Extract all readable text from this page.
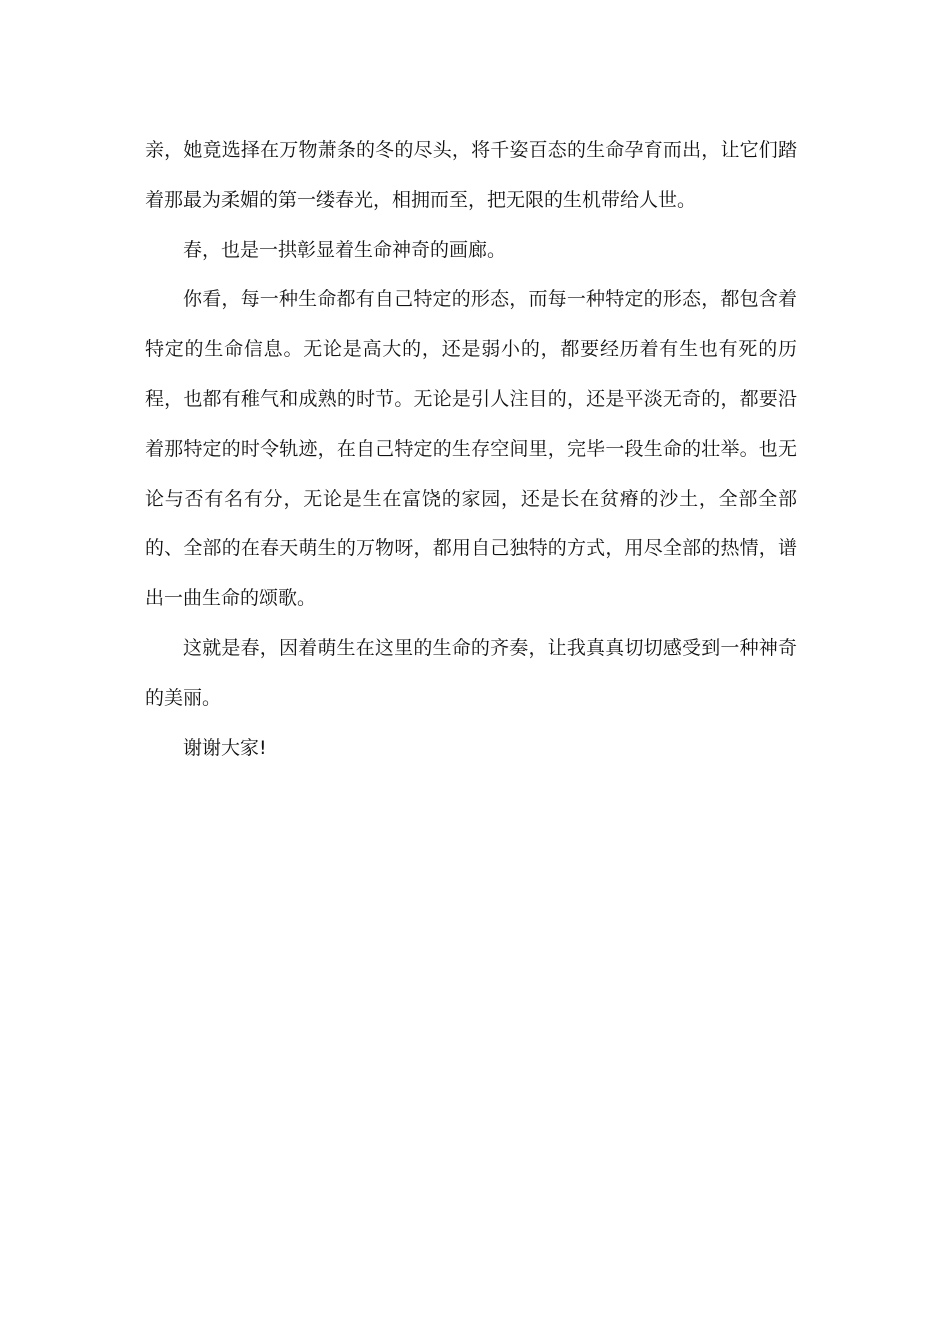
亲，她竟选择在万物萧条的冬的尽头，将千姿百态的生命孕育而出，让它们踏着那最为柔媚的第一缕春光，相拥而至，把无限的生机带给人世。

春，也是一拱彰显着生命神奇的画廊。

你看，每一种生命都有自己特定的形态，而每一种特定的形态，都包含着特定的生命信息。无论是高大的，还是弱小的，都要经历着有生也有死的历程，也都有稚气和成熟的时节。无论是引人注目的，还是平淡无奇的，都要沿着那特定的时令轨迹，在自己特定的生存空间里，完毕一段生命的壮举。也无论与否有名有分，无论是生在富饶的家园，还是长在贫瘠的沙土，全部全部的、全部的在春天萌生的万物呀，都用自己独特的方式，用尽全部的热情，谱出一曲生命的颂歌。

这就是春，因着萌生在这里的生命的齐奏，让我真真切切感受到一种神奇的美丽。

谢谢大家!
